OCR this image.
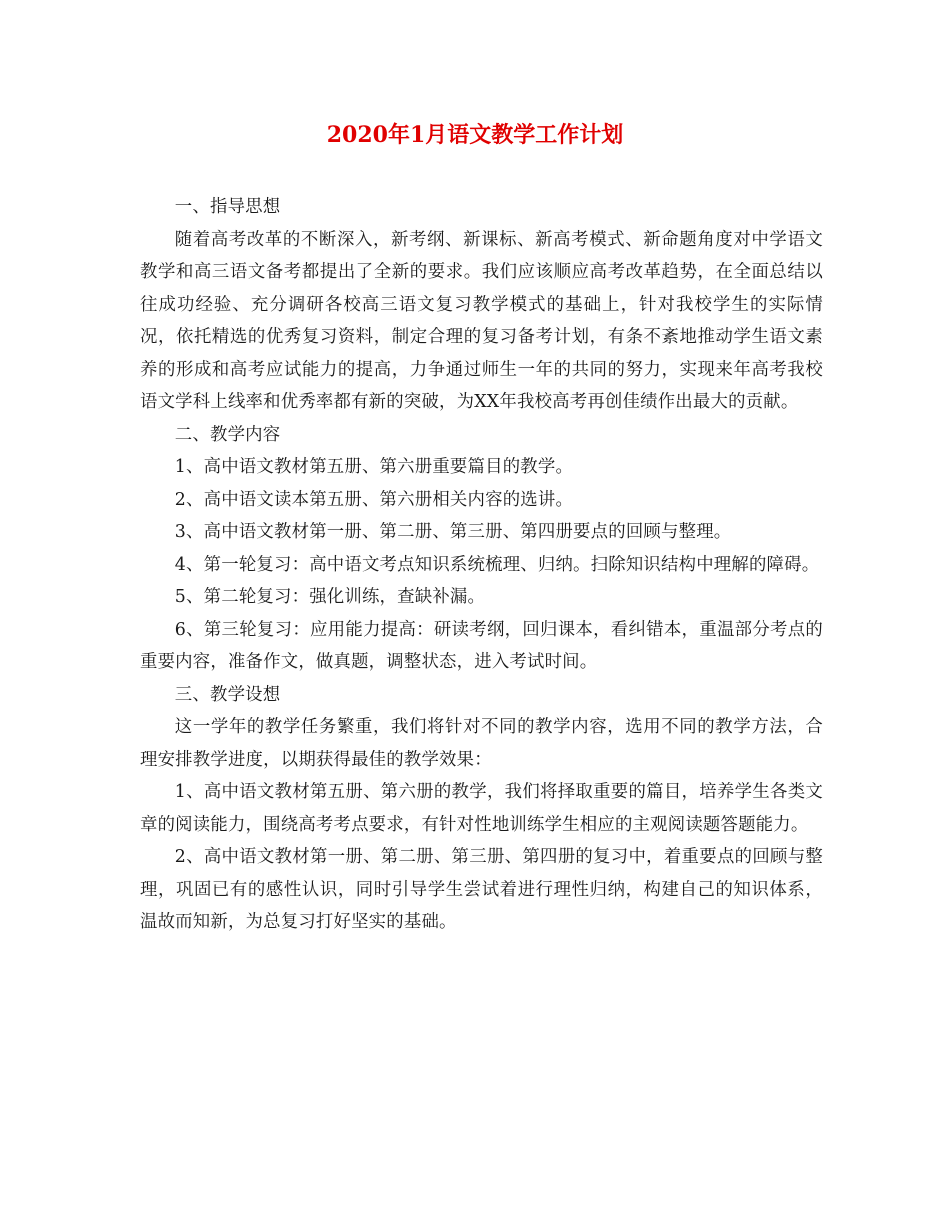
2020年1月语文教学工作计划

一、指导思想

随着高考改革的不断深入，新考纲、新课标、新高考模式、新命题角度对中学语文教学和高三语文备考都提出了全新的要求。我们应该顺应高考改革趋势，在全面总结以往成功经验、充分调研各校高三语文复习教学模式的基础上，针对我校学生的实际情况，依托精选的优秀复习资料，制定合理的复习备考计划，有条不紊地推动学生语文素养的形成和高考应试能力的提高，力争通过师生一年的共同的努力，实现来年高考我校语文学科上线率和优秀率都有新的突破，为XX年我校高考再创佳绩作出最大的贡献。

二、教学内容

1、高中语文教材第五册、第六册重要篇目的教学。

2、高中语文读本第五册、第六册相关内容的选讲。

3、高中语文教材第一册、第二册、第三册、第四册要点的回顾与整理。

4、第一轮复习：高中语文考点知识系统梳理、归纳。扫除知识结构中理解的障碍。

5、第二轮复习：强化训练，查缺补漏。

6、第三轮复习：应用能力提高：研读考纲，回归课本，看纠错本，重温部分考点的重要内容，准备作文，做真题，调整状态，进入考试时间。

三、教学设想

这一学年的教学任务繁重，我们将针对不同的教学内容，选用不同的教学方法，合理安排教学进度，以期获得最佳的教学效果：

1、高中语文教材第五册、第六册的教学，我们将择取重要的篇目，培养学生各类文章的阅读能力，围绕高考考点要求，有针对性地训练学生相应的主观阅读题答题能力。

2、高中语文教材第一册、第二册、第三册、第四册的复习中，着重要点的回顾与整理，巩固已有的感性认识，同时引导学生尝试着进行理性归纳，构建自己的知识体系，温故而知新，为总复习打好坚实的基础。
